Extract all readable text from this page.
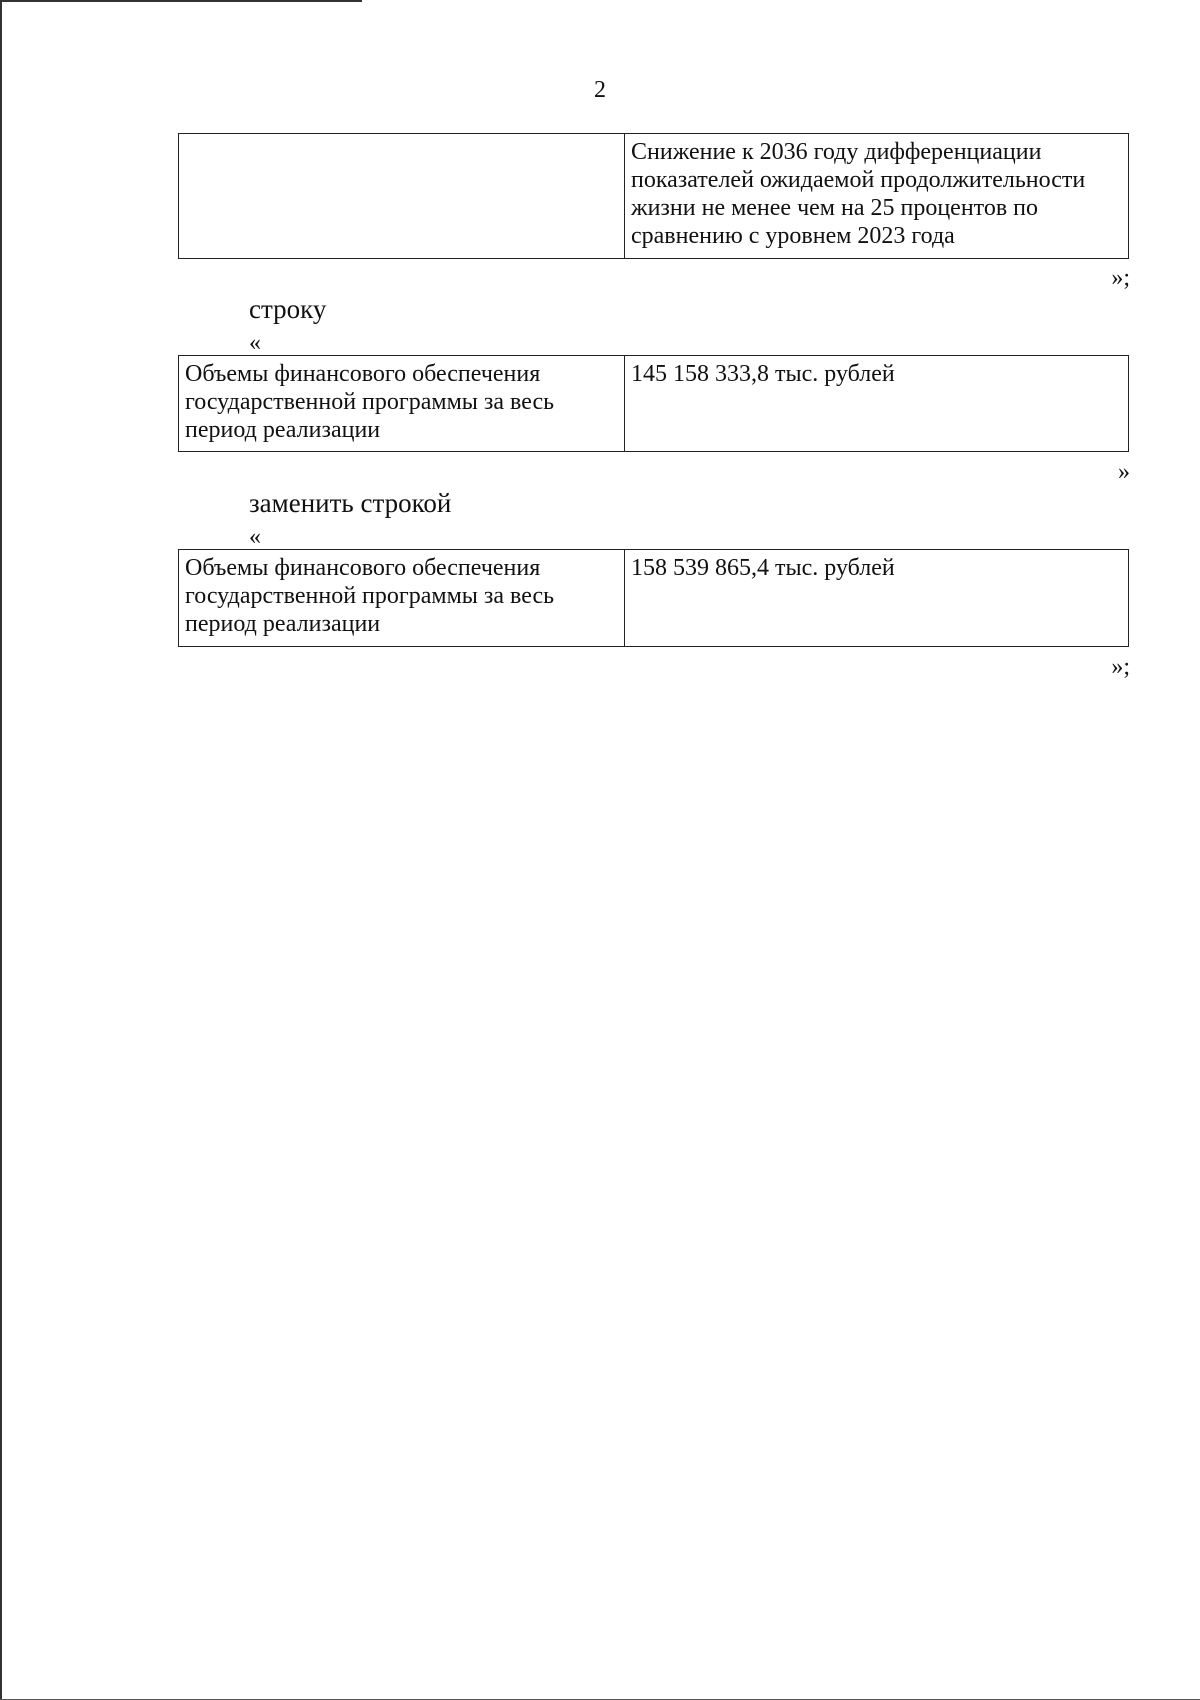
2
	Снижение к 2036 году дифференциации показателей ожидаемой продолжительности жизни не менее чем на 25 процентов по сравнению с уровнем 2023 года
»;
строку
«
Объемы финансового обеспечения государственной программы за весь период реализации	145 158 333,8 тыс. рублей
»
заменить строкой
«
Объемы финансового обеспечения государственной программы за весь период реализации	158 539 865,4 тыс. рублей
»;
